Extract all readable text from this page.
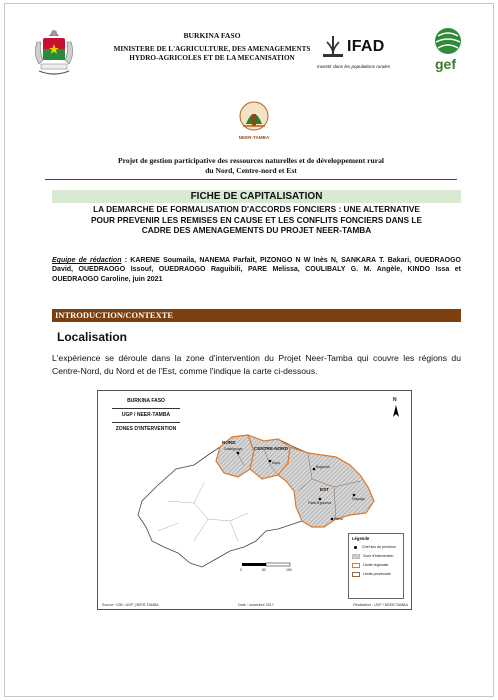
BURKINA FASO
MINISTERE DE L'AGRICULTURE, DES AMENAGEMENTS
HYDRO-AGRICOLES ET DE LA MECANISATION
IFAD
Investir dans les populations rurales	gef
NEER-TAMBA
Projet de gestion participative des ressources naturelles et de développement rural
du Nord, Centre-nord et Est
FICHE DE CAPITALISATION
LA DEMARCHE DE FORMALISATION D'ACCORDS FONCIERS : UNE ALTERNATIVE
POUR PREVENIR LES REMISES EN CAUSE ET LES CONFLITS FONCIERS DANS LE
CADRE DES AMENAGEMENTS DU PROJET NEER-TAMBA
Equipe de rédaction : KARENE Soumaila, NANEMA Parfait, PIZONGO N W Inès N, SANKARA T. Bakari, OUEDRAOGO David, OUEDRAOGO Issouf, OUEDRAOGO Raguibili, PARE Melissa, COULIBALY G. M. Angèle, KINDO Issa et OUEDRAOGO Caroline, juin 2021
INTRODUCTION/CONTEXTE
Localisation
L'expérience se déroule dans la zone d'intervention du Projet Neer-Tamba qui couvre les régions du Centre-Nord, du Nord et de l'Est, comme l'indique la carte ci-dessous.
BURKINA FASO
UGP / NEER-TAMBA
ZONES D'INTERVENTION
NORD
CENTRE-NORD
EST
Ouahigouya
Kaya
Bogandé
Fada N'gourma
Diapaga
Pama
N
0	50	100
Légende
Chef lieu de province
Zone d'intervention
Limite régionale
Limite provinciale
Source : IGB / UGP_NEER-TAMBA	Date : novembre 2017	Réalisation : UGP / NEER-TAMBA
